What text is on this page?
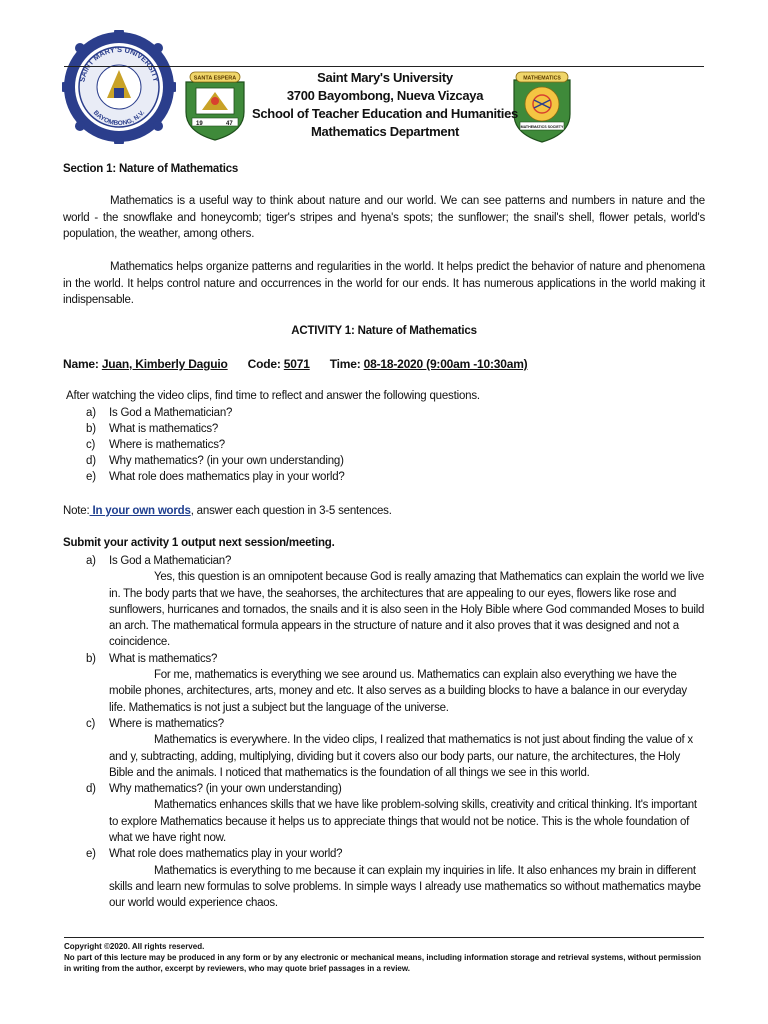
SAINT MARY'S UNIVERSITY
BAYOMBONG, N.V.
SANTA ESPERA
19	47
MATHEMATICS
MATHEMATICS SOCIETY
Saint Mary's University
3700 Bayombong, Nueva Vizcaya
School of Teacher Education and Humanities
Mathematics Department
Section 1: Nature of Mathematics
Mathematics is a useful way to think about nature and our world. We can see patterns and numbers in nature and the world - the snowflake and honeycomb; tiger's stripes and hyena's spots; the sunflower; the snail's shell, flower petals, world's population, the weather, among others.
Mathematics helps organize patterns and regularities in the world. It helps predict the behavior of nature and phenomena in the world. It helps control nature and occurrences in the world for our ends. It has numerous applications in the world making it indispensable.
ACTIVITY 1: Nature of Mathematics
Name: Juan, Kimberly Daguio Code: 5071 Time: 08-18-2020 (9:00am -10:30am)
After watching the video clips, find time to reflect and answer the following questions.
a) Is God a Mathematician?
b) What is mathematics?
c) Where is mathematics?
d) Why mathematics? (in your own understanding)
e) What role does mathematics play in your world?
Note: In your own words, answer each question in 3-5 sentences.
Submit your activity 1 output next session/meeting.
a) Is God a Mathematician?
Yes, this question is an omnipotent because God is really amazing that Mathematics can explain the world we live in. The body parts that we have, the seahorses, the architectures that are appealing to our eyes, flowers like rose and sunflowers, hurricanes and tornados, the snails and it is also seen in the Holy Bible where God commanded Moses to build an arch. The mathematical formula appears in the structure of nature and it also proves that it was designed and not a coincidence.
b) What is mathematics?
For me, mathematics is everything we see around us. Mathematics can explain also everything we have the mobile phones, architectures, arts, money and etc. It also serves as a building blocks to have a balance in our everyday life. Mathematics is not just a subject but the language of the universe.
c) Where is mathematics?
Mathematics is everywhere. In the video clips, I realized that mathematics is not just about finding the value of x and y, subtracting, adding, multiplying, dividing but it covers also our body parts, our nature, the architectures, the Holy Bible and the animals. I noticed that mathematics is the foundation of all things we see in this world.
d) Why mathematics? (in your own understanding)
Mathematics enhances skills that we have like problem-solving skills, creativity and critical thinking. It's important to explore Mathematics because it helps us to appreciate things that would not be notice. This is the whole foundation of what we have right now.
e) What role does mathematics play in your world?
Mathematics is everything to me because it can explain my inquiries in life. It also enhances my brain in different skills and learn new formulas to solve problems. In simple ways I already use mathematics so without mathematics maybe our world would experience chaos.
Copyright ©2020. All rights reserved.
No part of this lecture may be produced in any form or by any electronic or mechanical means, including information storage and retrieval systems, without permission in writing from the author, excerpt by reviewers, who may quote brief passages in a review.
